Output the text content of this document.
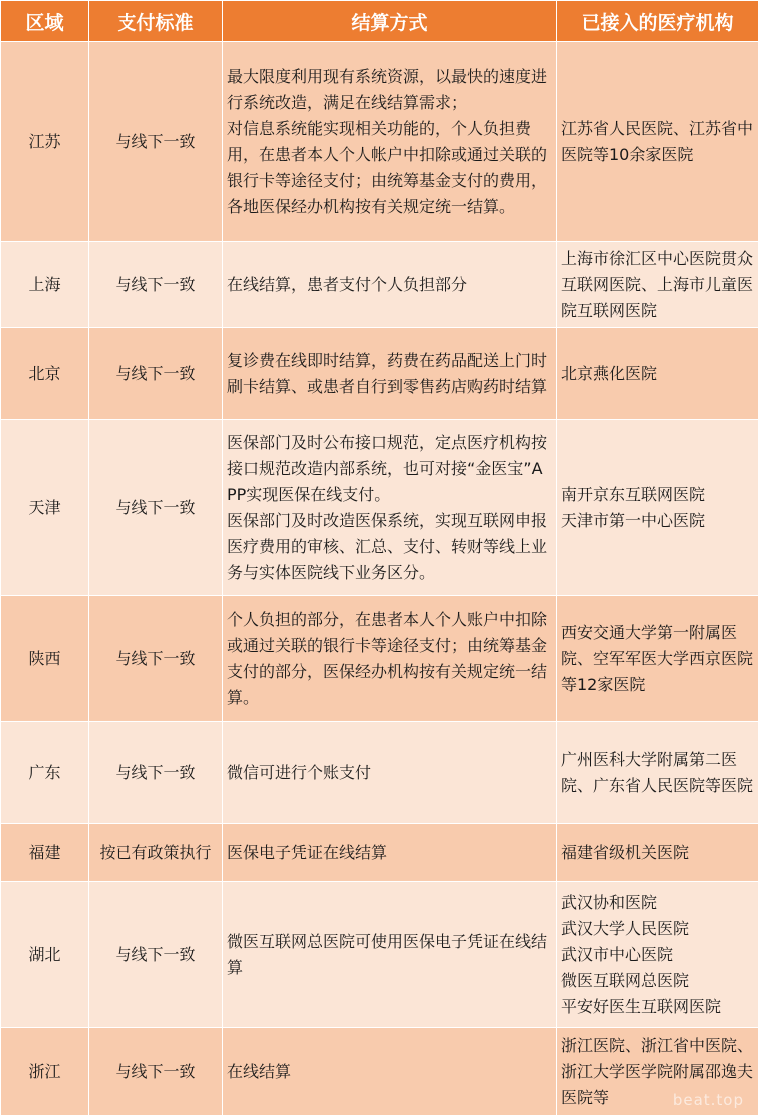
区域	支付标准	结算方式	已接入的医疗机构
江苏	与线下一致	最大限度利用现有系统资源，以最快的速度进行系统改造，满足在线结算需求；
对信息系统能实现相关功能的，个人负担费用，在患者本人个人帐户中扣除或通过关联的银行卡等途径支付；由统筹基金支付的费用，各地医保经办机构按有关规定统一结算。	江苏省人民医院、江苏省中医院等10余家医院

上海	与线下一致	在线结算，患者支付个人负担部分	上海市徐汇区中心医院贯众互联网医院、上海市儿童医院互联网医院

北京	与线下一致	复诊费在线即时结算，药费在药品配送上门时刷卡结算、或患者自行到零售药店购药时结算	北京燕化医院

天津	与线下一致	医保部门及时公布接口规范，定点医疗机构按接口规范改造内部系统，也可对接“金医宝”APP实现医保在线支付。
医保部门及时改造医保系统，实现互联网申报医疗费用的审核、汇总、支付、转财等线上业务与实体医院线下业务区分。	南开京东互联网医院
天津市第一中心医院

陕西	与线下一致	个人负担的部分，在患者本人个人账户中扣除或通过关联的银行卡等途径支付；由统筹基金支付的部分，医保经办机构按有关规定统一结算。	西安交通大学第一附属医院、空军军医大学西京医院等12家医院

广东	与线下一致	微信可进行个账支付	广州医科大学附属第二医院、广东省人民医院等医院

福建	按已有政策执行	医保电子凭证在线结算	福建省级机关医院

湖北	与线下一致	微医互联网总医院可使用医保电子凭证在线结算	武汉协和医院
武汉大学人民医院
武汉市中心医院
微医互联网总医院
平安好医生互联网医院

浙江	与线下一致	在线结算	浙江医院、浙江省中医院、浙江大学医学院附属邵逸夫医院等	beat.top
